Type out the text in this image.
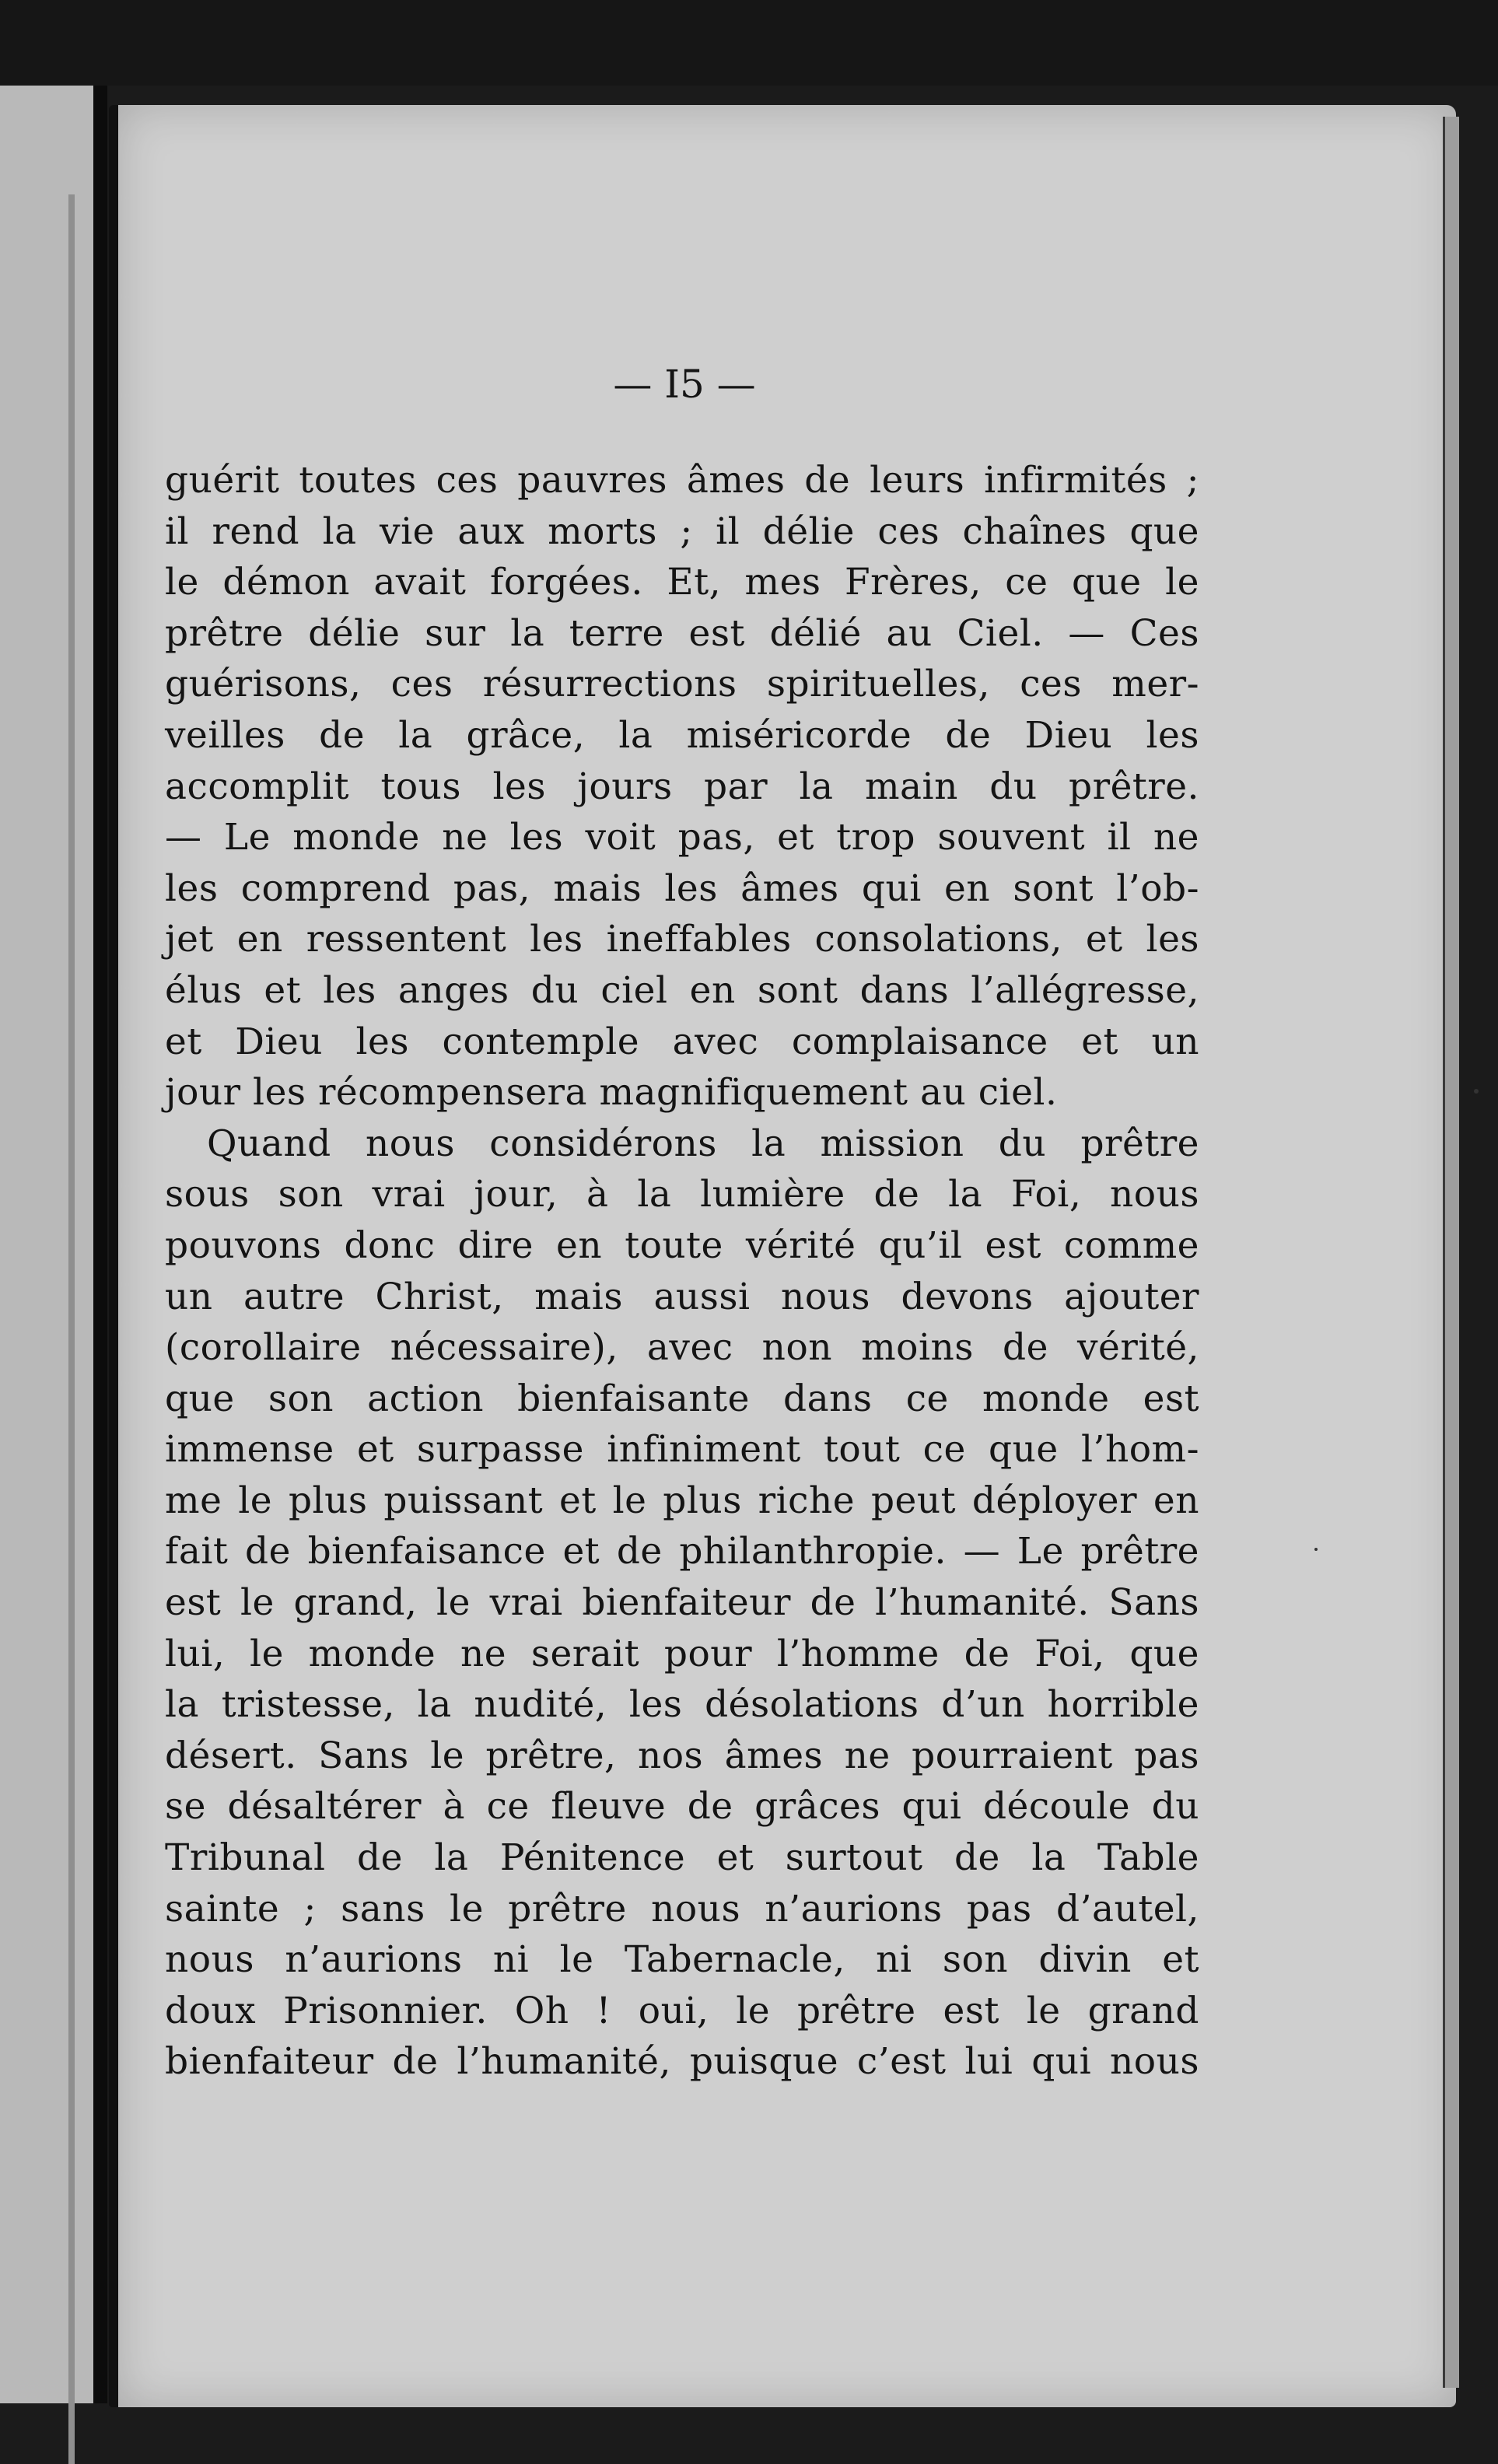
— I5 —
guérit toutes ces pauvres âmes de leurs infirmités ;
il rend la vie aux morts ; il délie ces chaînes que
le démon avait forgées. Et, mes Frères, ce que le
prêtre délie sur la terre est délié au Ciel. — Ces
guérisons, ces résurrections spirituelles, ces mer-
veilles de la grâce, la miséricorde de Dieu les
accomplit tous les jours par la main du prêtre.
— Le monde ne les voit pas, et trop souvent il ne
les comprend pas, mais les âmes qui en sont l’ob-
jet en ressentent les ineffables consolations, et les
élus et les anges du ciel en sont dans l’allégresse,
et Dieu les contemple avec complaisance et un
jour les récompensera magnifiquement au ciel.
Quand nous considérons la mission du prêtre
sous son vrai jour, à la lumière de la Foi, nous
pouvons donc dire en toute vérité qu’il est comme
un autre Christ, mais aussi nous devons ajouter
(corollaire nécessaire), avec non moins de vérité,
que son action bienfaisante dans ce monde est
immense et surpasse infiniment tout ce que l’hom-
me le plus puissant et le plus riche peut déployer en
fait de bienfaisance et de philanthropie. — Le prêtre
est le grand, le vrai bienfaiteur de l’humanité. Sans
lui, le monde ne serait pour l’homme de Foi, que
la tristesse, la nudité, les désolations d’un horrible
désert. Sans le prêtre, nos âmes ne pourraient pas
se désaltérer à ce fleuve de grâces qui découle du
Tribunal de la Pénitence et surtout de la Table
sainte ; sans le prêtre nous n’aurions pas d’autel,
nous n’aurions ni le Tabernacle, ni son divin et
doux Prisonnier. Oh ! oui, le prêtre est le grand
bienfaiteur de l’humanité, puisque c’est lui qui nous
